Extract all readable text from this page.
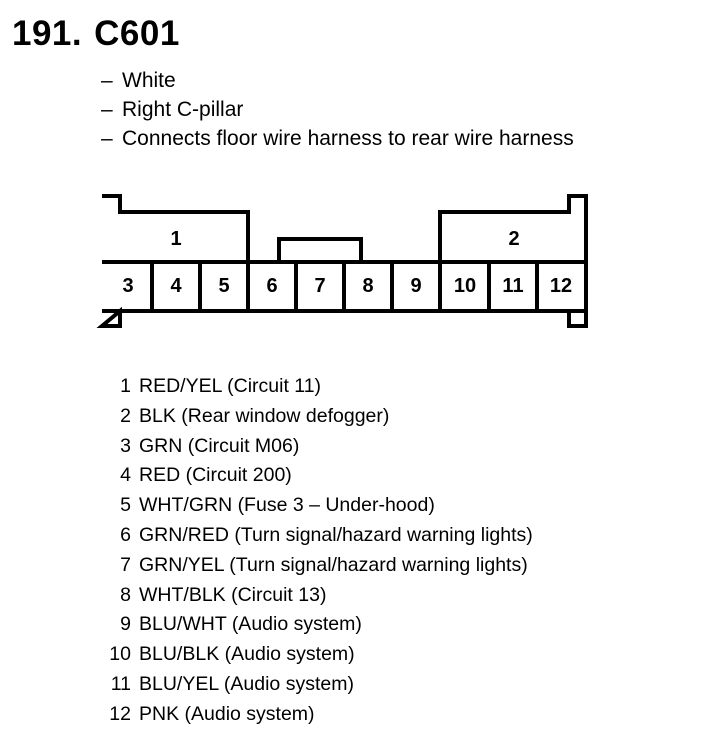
191. C601
– White
– Right C-pillar
– Connects floor wire harness to rear wire harness
1	2
3 4 5 6 7 8 9 10 11 12
1 RED/YEL (Circuit 11)
2 BLK (Rear window defogger)
3 GRN (Circuit M06)
4 RED (Circuit 200)
5 WHT/GRN (Fuse 3 – Under-hood)
6 GRN/RED (Turn signal/hazard warning lights)
7 GRN/YEL (Turn signal/hazard warning lights)
8 WHT/BLK (Circuit 13)
9 BLU/WHT (Audio system)
10 BLU/BLK (Audio system)
11 BLU/YEL (Audio system)
12 PNK (Audio system)
